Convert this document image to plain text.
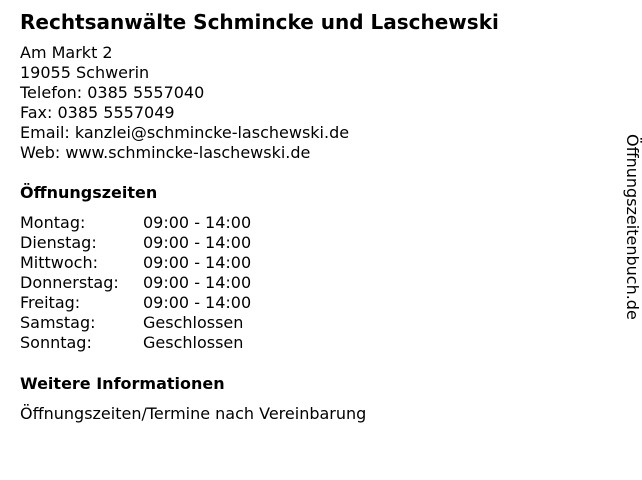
Rechtsanwälte Schmincke und Laschewski
Am Markt 2
19055 Schwerin
Telefon: 0385 5557040
Fax: 0385 5557049
Email: kanzlei@schmincke-laschewski.de
Web: www.schmincke-laschewski.de
Öffnungszeiten
Montag:	09:00 - 14:00
Dienstag:	09:00 - 14:00
Mittwoch:	09:00 - 14:00
Donnerstag:	09:00 - 14:00
Freitag:	09:00 - 14:00
Samstag:	Geschlossen
Sonntag:	Geschlossen
Weitere Informationen
Öffnungszeiten/Termine nach Vereinbarung
Öffnungszeitenbuch.de
